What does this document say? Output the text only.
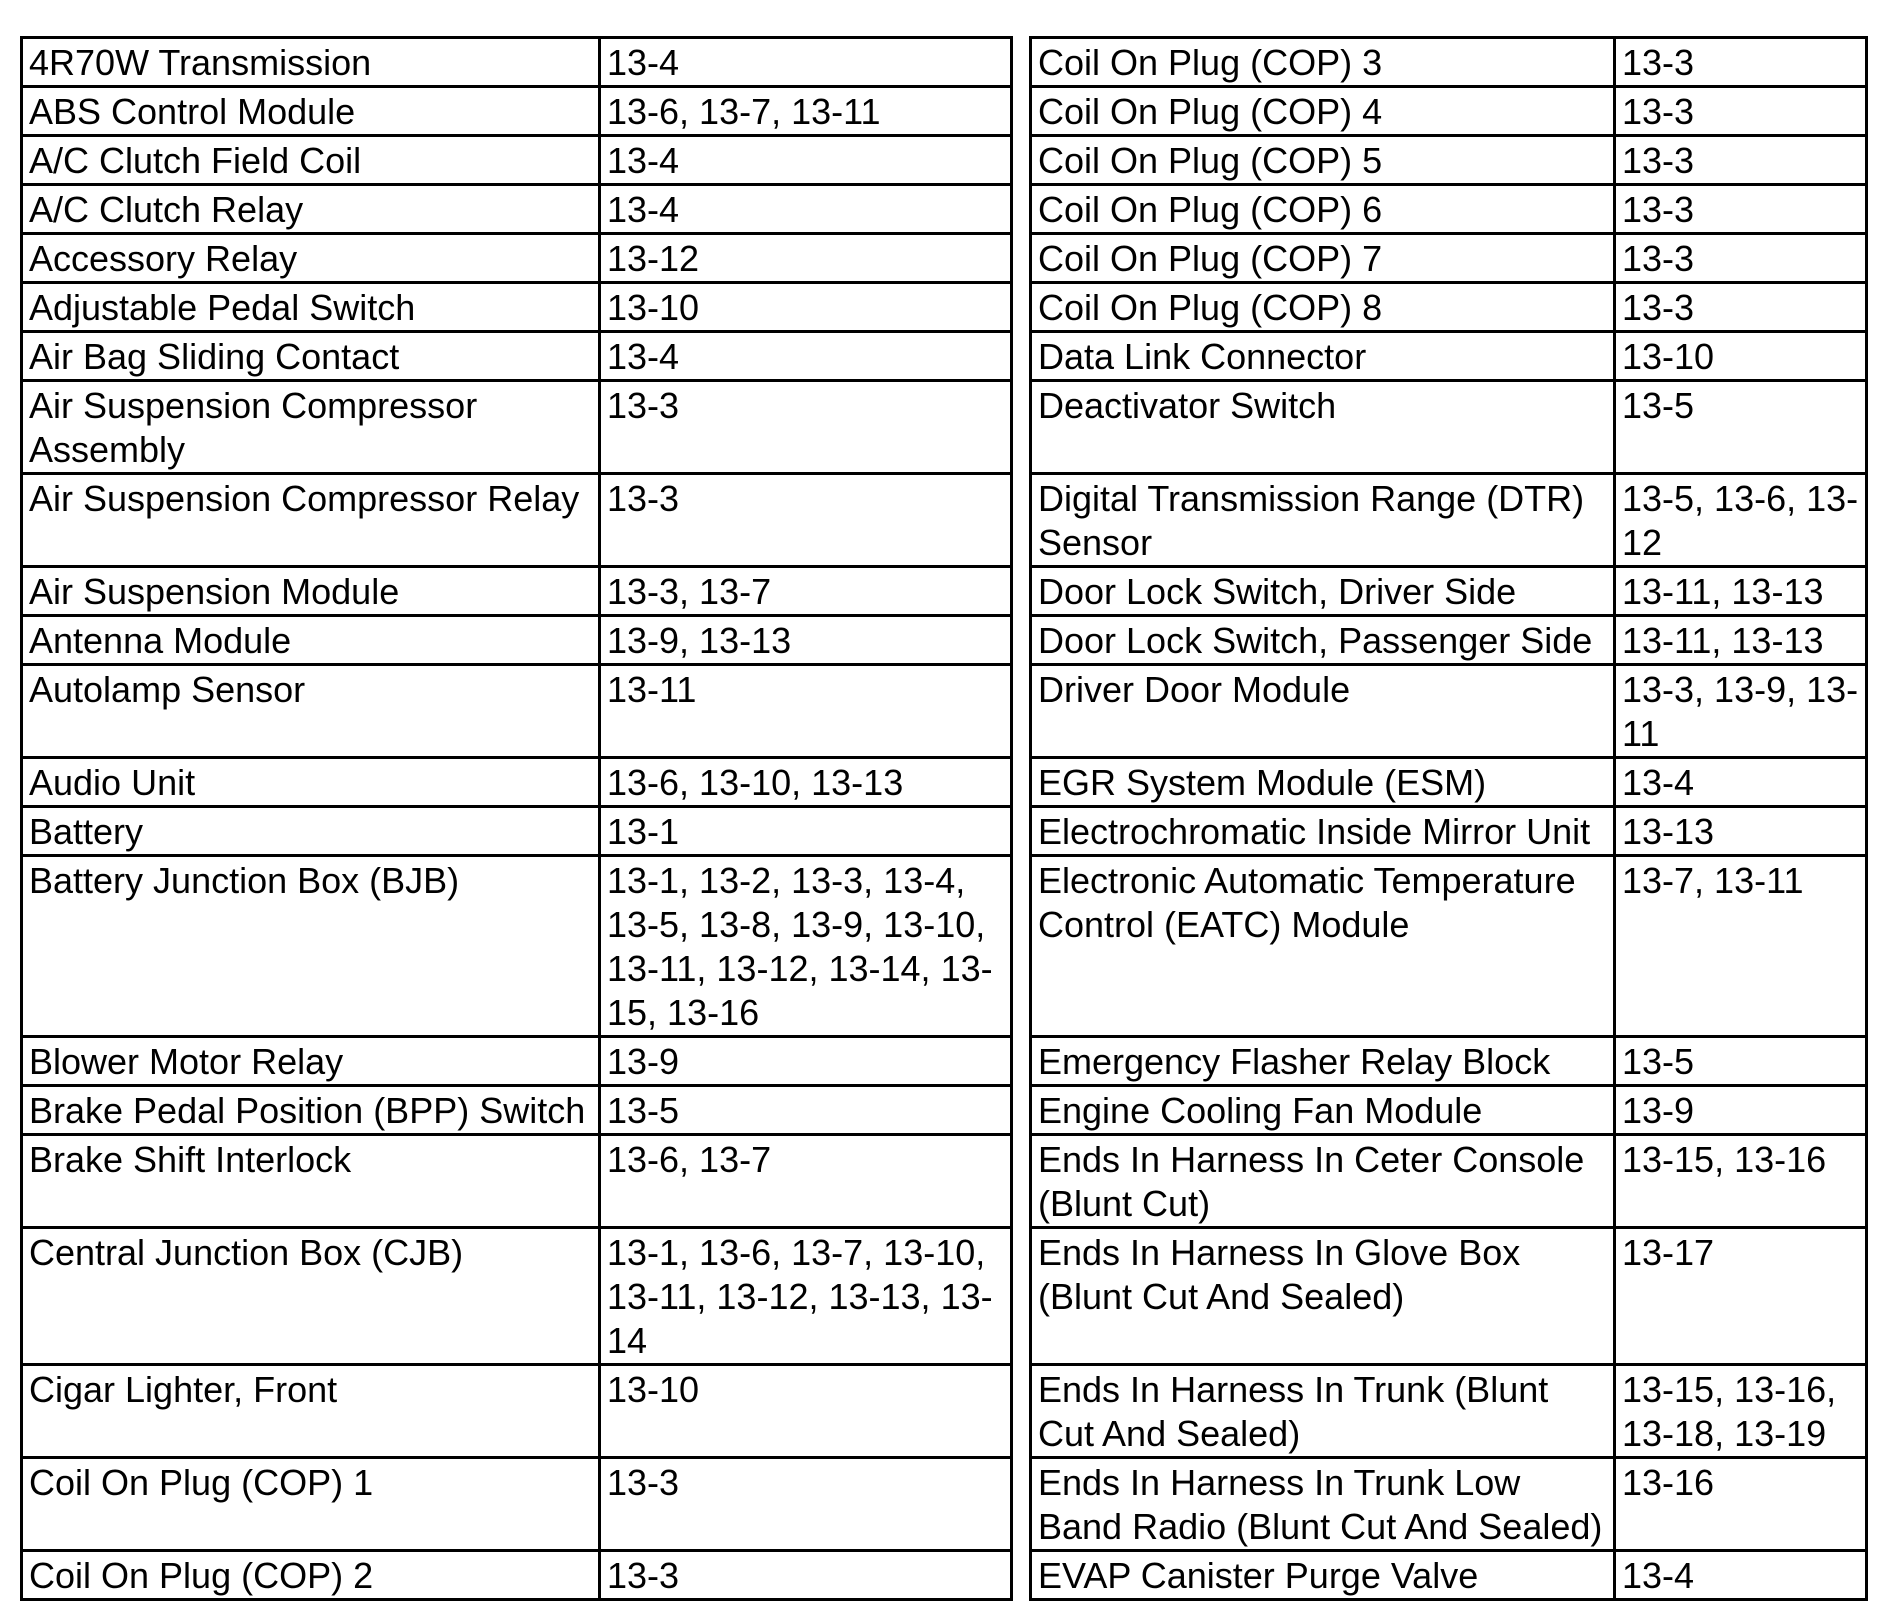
4R70W Transmission	13-4
ABS Control Module	13-6, 13-7, 13-11
A/C Clutch Field Coil	13-4
A/C Clutch Relay	13-4
Accessory Relay	13-12
Adjustable Pedal Switch	13-10
Air Bag Sliding Contact	13-4
Air Suspension Compressor Assembly	13-3
Air Suspension Compressor Relay	13-3
Air Suspension Module	13-3, 13-7
Antenna Module	13-9, 13-13
Autolamp Sensor	13-11
Audio Unit	13-6, 13-10, 13-13
Battery	13-1
Battery Junction Box (BJB)	13-1, 13-2, 13-3, 13-4, 13-5, 13-8, 13-9, 13-10, 13-11, 13-12, 13-14, 13-15, 13-16
Blower Motor Relay	13-9
Brake Pedal Position (BPP) Switch	13-5
Brake Shift Interlock	13-6, 13-7
Central Junction Box (CJB)	13-1, 13-6, 13-7, 13-10, 13-11, 13-12, 13-13, 13-14
Cigar Lighter, Front	13-10
Coil On Plug (COP) 1	13-3
Coil On Plug (COP) 2	13-3
Coil On Plug (COP) 3	13-3
Coil On Plug (COP) 4	13-3
Coil On Plug (COP) 5	13-3
Coil On Plug (COP) 6	13-3
Coil On Plug (COP) 7	13-3
Coil On Plug (COP) 8	13-3
Data Link Connector	13-10
Deactivator Switch	13-5
Digital Transmission Range (DTR) Sensor	13-5, 13-6, 13-12
Door Lock Switch, Driver Side	13-11, 13-13
Door Lock Switch, Passenger Side	13-11, 13-13
Driver Door Module	13-3, 13-9, 13-11
EGR System Module (ESM)	13-4
Electrochromatic Inside Mirror Unit	13-13
Electronic Automatic Temperature Control (EATC) Module	13-7, 13-11
Emergency Flasher Relay Block	13-5
Engine Cooling Fan Module	13-9
Ends In Harness In Ceter Console (Blunt Cut)	13-15, 13-16
Ends In Harness In Glove Box (Blunt Cut And Sealed)	13-17
Ends In Harness In Trunk (Blunt Cut And Sealed)	13-15, 13-16, 13-18, 13-19
Ends In Harness In Trunk Low Band Radio (Blunt Cut And Sealed)	13-16
EVAP Canister Purge Valve	13-4
